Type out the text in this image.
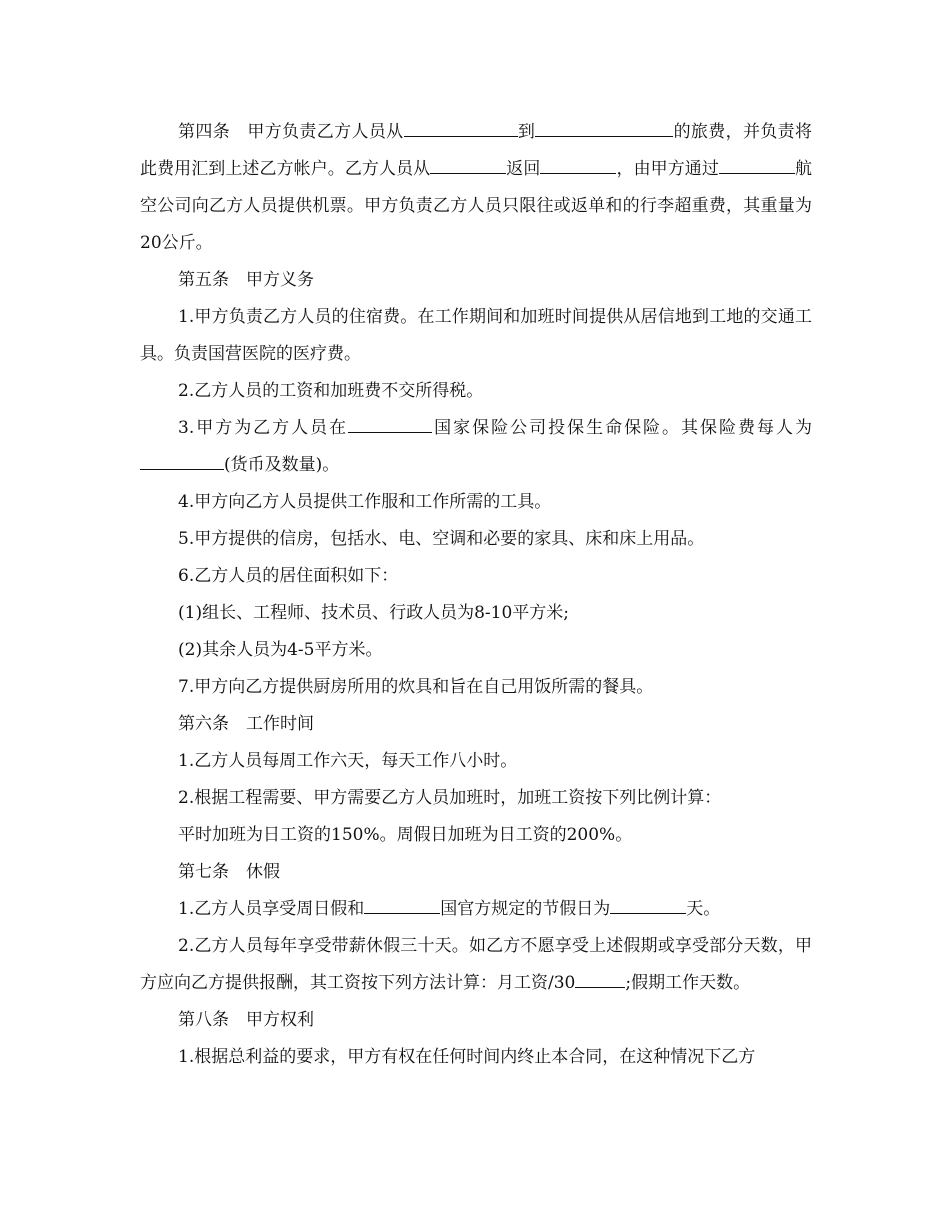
第四条　甲方负责乙方人员从	到	的旅费，并负责将此费用汇到上述乙方帐户。乙方人员从	返回	，由甲方通过	航空公司向乙方人员提供机票。甲方负责乙方人员只限往或返单和的行李超重费，其重量为20公斤。

第五条　甲方义务

1.甲方负责乙方人员的住宿费。在工作期间和加班时间提供从居信地到工地的交通工具。负责国营医院的医疗费。

2.乙方人员的工资和加班费不交所得税。

3.甲方为乙方人员在	国家保险公司投保生命保险。其保险费每人为(货币及数量)。

4.甲方向乙方人员提供工作服和工作所需的工具。

5.甲方提供的信房，包括水、电、空调和必要的家具、床和床上用品。

6.乙方人员的居住面积如下：

(1)组长、工程师、技术员、行政人员为8-10平方米;

(2)其余人员为4-5平方米。

7.甲方向乙方提供厨房所用的炊具和旨在自己用饭所需的餐具。

第六条　工作时间

1.乙方人员每周工作六天，每天工作八小时。

2.根据工程需要、甲方需要乙方人员加班时，加班工资按下列比例计算：

平时加班为日工资的150%。周假日加班为日工资的200%。

第七条　休假

1.乙方人员享受周日假和	国官方规定的节假日为	天。

2.乙方人员每年享受带薪休假三十天。如乙方不愿享受上述假期或享受部分天数，甲方应向乙方提供报酬，其工资按下列方法计算：月工资/30	;假期工作天数。

第八条　甲方权利

1.根据总利益的要求，甲方有权在任何时间内终止本合同，在这种情况下乙方
